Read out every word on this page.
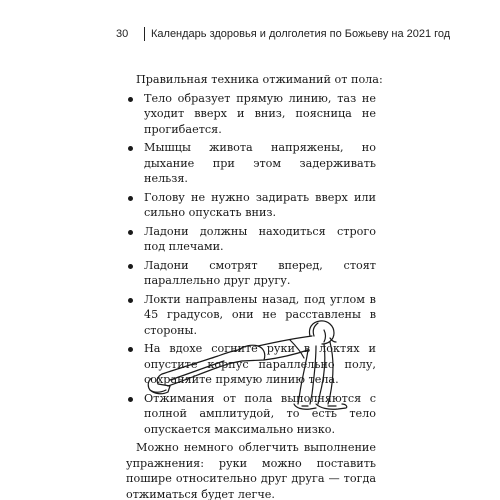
30	Календарь здоровья и долголетия по Божьеву на 2021 год

Правильная техника отжиманий от пола:

Тело образует прямую линию, таз не уходит вверх и вниз, поясница не прогибается.
Мышцы живота напряжены, но дыхание при этом задерживать нельзя.
Голову не нужно задирать вверх или сильно опускать вниз.
Ладони должны находиться строго под плечами.
Ладони смотрят вперед, стоят параллельно друг другу.
Локти направлены назад, под углом в 45 градусов, они не расставлены в стороны.
На вдохе согните руки в локтях и опустите корпус параллельно полу, сохраняйте прямую линию тела.
Отжимания от пола выполняются с полной амплитудой, то есть тело опускается максимально низко.

Можно немного облегчить выполнение упражнения: руки можно поставить пошире относительно друг друга — тогда отжиматься будет легче.
